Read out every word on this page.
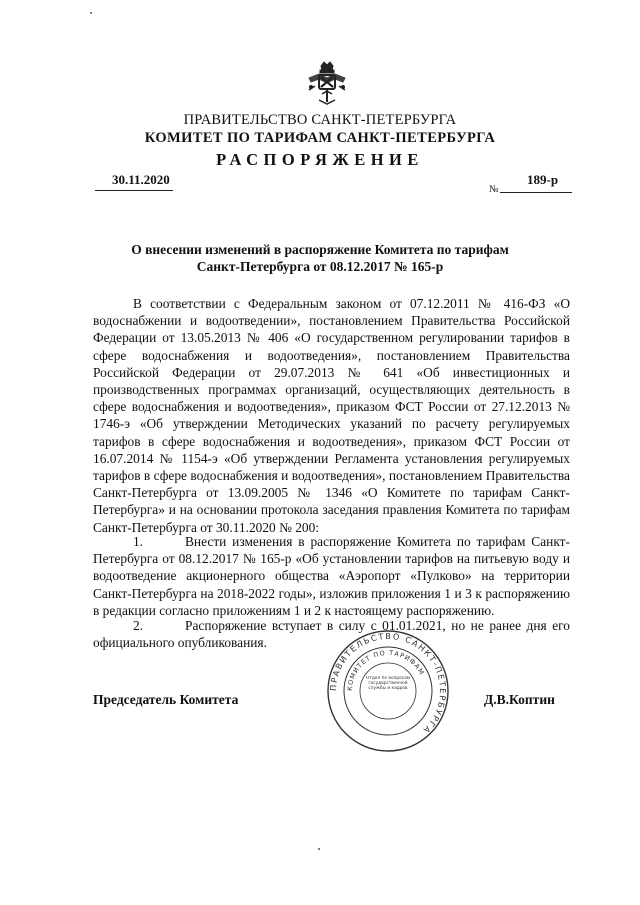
ПРАВИТЕЛЬСТВО САНКТ-ПЕТЕРБУРГА
КОМИТЕТ ПО ТАРИФАМ САНКТ-ПЕТЕРБУРГА
РАСПОРЯЖЕНИЕ
30.11.2020
№
189-р
О внесении изменений в распоряжение Комитета по тарифам
Санкт-Петербурга от 08.12.2017 № 165-р

В соответствии с Федеральным законом от 07.12.2011 № 416-ФЗ «О водоснабжении и водоотведении», постановлением Правительства Российской Федерации от 13.05.2013 № 406 «О государственном регулировании тарифов в сфере водоснабжения и водоотведения», постановлением Правительства Российской Федерации от 29.07.2013 № 641 «Об инвестиционных и производственных программах организаций, осуществляющих деятельность в сфере водоснабжения и водоотведения», приказом ФСТ России от 27.12.2013 № 1746-э «Об утверждении Методических указаний по расчету регулируемых тарифов в сфере водоснабжения и водоотведения», приказом ФСТ России от 16.07.2014 № 1154-э «Об утверждении Регламента установления регулируемых тарифов в сфере водоснабжения и водоотведения», постановлением Правительства Санкт-Петербурга от 13.09.2005 № 1346 «О Комитете по тарифам Санкт-Петербурга» и на основании протокола заседания правления Комитета по тарифам Санкт-Петербурга от 30.11.2020 № 200:

1.	Внести изменения в распоряжение Комитета по тарифам Санкт-Петербурга от 08.12.2017 № 165-р «Об установлении тарифов на питьевую воду и водоотведение акционерного общества «Аэропорт «Пулково» на территории Санкт-Петербурга на 2018-2022 годы», изложив приложения 1 и 3 к распоряжению в редакции согласно приложениям 1 и 2 к настоящему распоряжению.

2.	Распоряжение вступает в силу с 01.01.2021, но не ранее дня его официального опубликования.

Председатель Комитета	Д.В.Коптин
ПРАВИТЕЛЬСТВО САНКТ-ПЕТЕРБУРГА
КОМИТЕТ ПО ТАРИФАМ
Отдел по вопросам государственной службы и кадров
